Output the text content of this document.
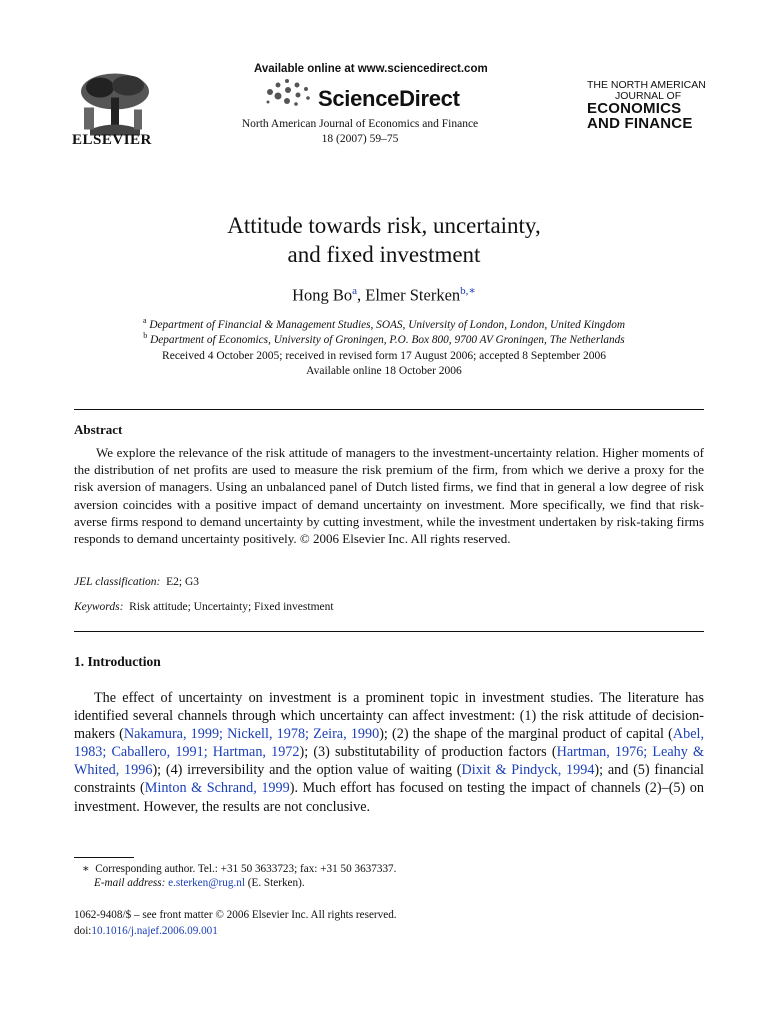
ELSEVIER
Available online at www.sciencedirect.com
ScienceDirect
North American Journal of Economics and Finance
18 (2007) 59–75
THE NORTH AMERICAN
JOURNAL OF
ECONOMICS
AND FINANCE
Attitude towards risk, uncertainty,
and fixed investment
Hong Bo$^a$, Elmer Sterken$^{b,∗}$
$^a$ Department of Financial & Management Studies, SOAS, University of London, London, United Kingdom
$^b$ Department of Economics, University of Groningen, P.O. Box 800, 9700 AV Groningen, The Netherlands
Received 4 October 2005; received in revised form 17 August 2006; accepted 8 September 2006
Available online 18 October 2006
Abstract
We explore the relevance of the risk attitude of managers to the investment-uncertainty relation. Higher moments of the distribution of net profits are used to measure the risk premium of the firm, from which we derive a proxy for the risk aversion of managers. Using an unbalanced panel of Dutch listed firms, we find that in general a low degree of risk aversion coincides with a positive impact of demand uncertainty on investment. More specifically, we find that risk-averse firms respond to demand uncertainty by cutting investment, while the investment undertaken by risk-taking firms responds to demand uncertainty positively. © 2006 Elsevier Inc. All rights reserved.
JEL classification: E2; G3
Keywords: Risk attitude; Uncertainty; Fixed investment
1. Introduction
The effect of uncertainty on investment is a prominent topic in investment studies. The literature has identified several channels through which uncertainty can affect investment: (1) the risk attitude of decision-makers (Nakamura, 1999; Nickell, 1978; Zeira, 1990); (2) the shape of the marginal product of capital (Abel, 1983; Caballero, 1991; Hartman, 1972); (3) substitutability of production factors (Hartman, 1976; Leahy & Whited, 1996); (4) irreversibility and the option value of waiting (Dixit & Pindyck, 1994); and (5) financial constraints (Minton & Schrand, 1999). Much effort has focused on testing the impact of channels (2)–(5) on investment. However, the results are not conclusive.
∗ Corresponding author. Tel.: +31 50 3633723; fax: +31 50 3637337.
E-mail address: e.sterken@rug.nl (E. Sterken).
1062-9408/$ – see front matter © 2006 Elsevier Inc. All rights reserved.
doi:10.1016/j.najef.2006.09.001
